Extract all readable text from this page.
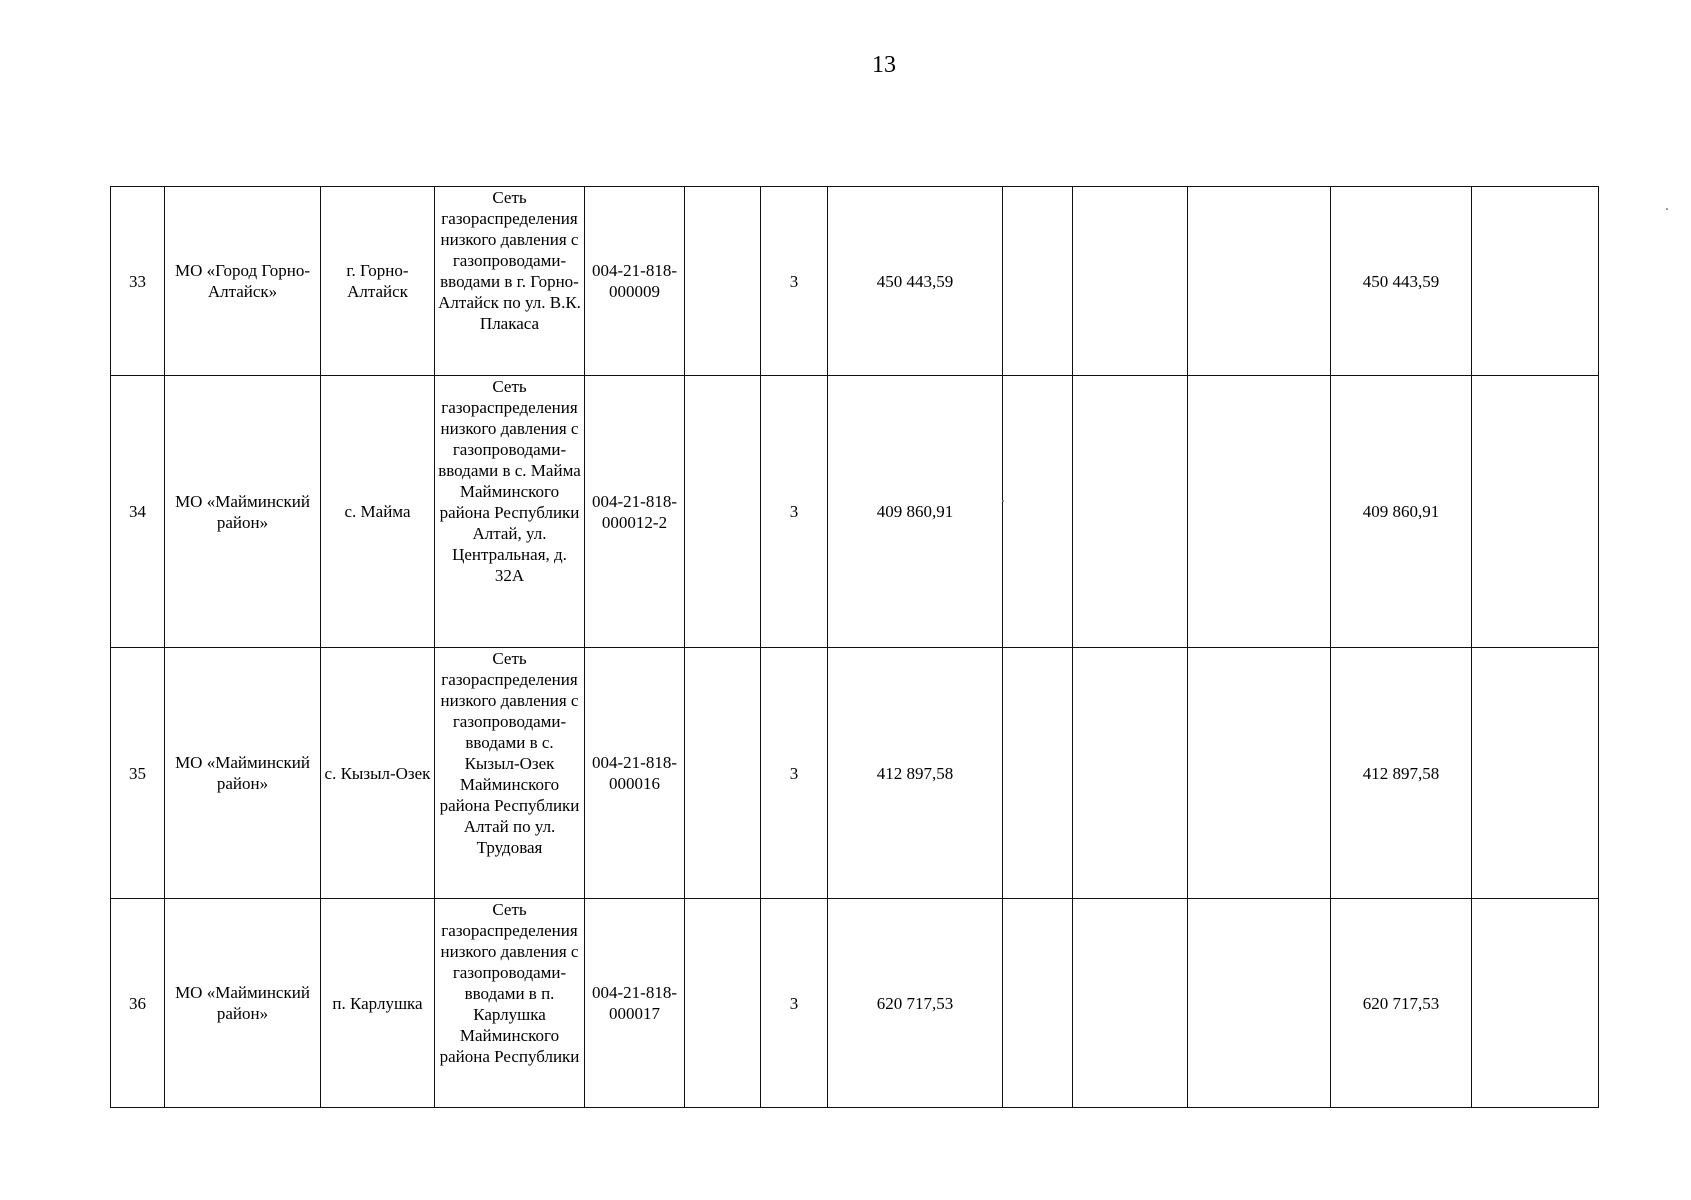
13
33	МО «Город Горно-Алтайск»	г. Горно-Алтайск	Сеть газораспределения низкого давления с газопроводами-вводами в г. Горно-Алтайск по ул. В.К. Плакаса	004-21-818-000009		3	450 443,59				450 443,59	
34	МО «Майминский район»	с. Майма	Сеть газораспределения низкого давления с газопроводами-вводами в с. Майма Майминского района Республики Алтай, ул. Центральная, д. 32А	004-21-818-000012-2		3	409 860,91				409 860,91	
35	МО «Майминский район»	с. Кызыл-Озек	Сеть газораспределения низкого давления с газопроводами-вводами в с. Кызыл-Озек Майминского района Республики Алтай по ул. Трудовая	004-21-818-000016		3	412 897,58				412 897,58	
36	МО «Майминский район»	п. Карлушка	Сеть газораспределения низкого давления с газопроводами-вводами в п. Карлушка Майминского района Республики	004-21-818-000017		3	620 717,53				620 717,53	
